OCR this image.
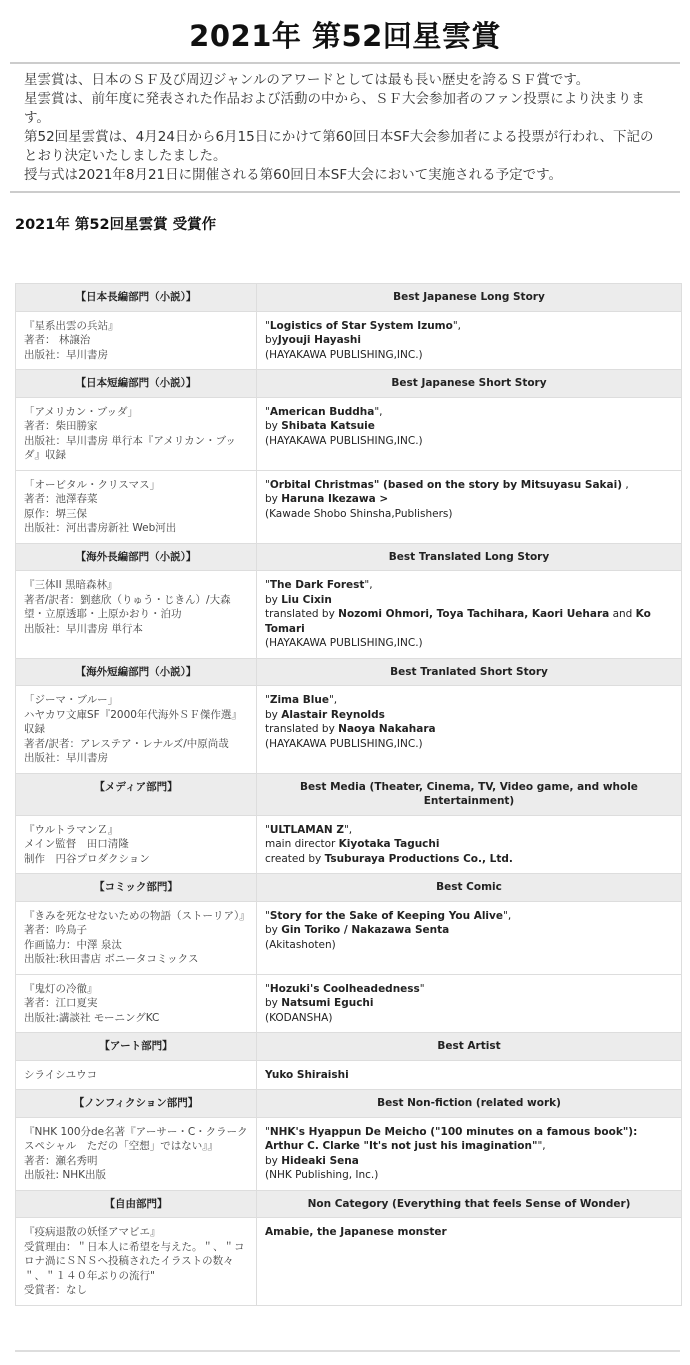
2021年 第52回星雲賞

星雲賞は、日本のＳＦ及び周辺ジャンルのアワードとしては最も長い歴史を誇るＳＦ賞です。

星雲賞は、前年度に発表された作品および活動の中から、ＳＦ大会参加者のファン投票により決まります。

第52回星雲賞は、4月24日から6月15日にかけて第60回日本SF大会参加者による投票が行われ、下記のとおり決定いたしましたました。

授与式は2021年8月21日に開催される第60回日本SF大会において実施される予定です。

2021年 第52回星雲賞 受賞作
【日本長編部門（小説）】	Best Japanese Long Story

『星系出雲の兵站』
著者： 林譲治
出版社：早川書房	"Logistics of Star System Izumo",
byJyouji Hayashi
(HAYAKAWA PUBLISHING,INC.)

【日本短編部門（小説）】	Best Japanese Short Story

「アメリカン・ブッダ」
著者：柴田勝家
出版社：早川書房 単行本『アメリカン・ブッダ』収録	"American Buddha",
by Shibata Katsuie
(HAYAKAWA PUBLISHING,INC.)

「オービタル・クリスマス」
著者：池澤春菜
原作：堺三保
出版社：河出書房新社 Web河出	"Orbital Christmas" (based on the story by Mitsuyasu Sakai) ,
by Haruna Ikezawa >
(Kawade Shobo Shinsha,Publishers)

【海外長編部門（小説）】	Best Translated Long Story

『三体II 黒暗森林』
著者/訳者：劉慈欣（りゅう・じきん）/大森望・立原透耶・上原かおり・泊功
出版社：早川書房 単行本	"The Dark Forest",
by Liu Cixin
translated by Nozomi Ohmori, Toya Tachihara, Kaori Uehara and Ko Tomari
(HAYAKAWA PUBLISHING,INC.)

【海外短編部門（小説）】	Best Tranlated Short Story

「ジーマ・ブルー」
ハヤカワ文庫SF『2000年代海外ＳＦ傑作選』収録
著者/訳者：アレステア・レナルズ/中原尚哉
出版社：早川書房	"Zima Blue",
by Alastair Reynolds
translated by Naoya Nakahara
(HAYAKAWA PUBLISHING,INC.)

【メディア部門】	Best Media (Theater, Cinema, TV, Video game, and whole Entertainment)

『ウルトラマンＺ』
メイン監督　田口清隆
制作　円谷プロダクション	"ULTLAMAN Z",
main director Kiyotaka Taguchi
created by Tsuburaya Productions Co., Ltd.

【コミック部門】	Best Comic

『きみを死なせないための物語（ストーリア）』
著者：吟鳥子
作画協力：中澤 泉汰
出版社:秋田書店 ボニータコミックス	"Story for the Sake of Keeping You Alive",
by Gin Toriko / Nakazawa Senta
(Akitashoten)

『鬼灯の冷徹』
著者：江口夏実
出版社:講談社 モーニングKC	"Hozuki's Coolheadedness"
by Natsumi Eguchi
(KODANSHA)

【アート部門】	Best Artist

シライシユウコ	Yuko Shiraishi

【ノンフィクション部門】	Best Non-fiction (related work)

『NHK 100分de名著『アーサー・C・クラークスペシャル　ただの「空想」ではない』』
著者：瀬名秀明
出版社: NHK出版	"NHK's Hyappun De Meicho ("100 minutes on a famous book"): Arthur C. Clarke "It's not just his imagination"",
by Hideaki Sena
(NHK Publishing, Inc.)

【自由部門】	Non Category (Everything that feels Sense of Wonder)

『疫病退散の妖怪アマビエ』
受賞理由：＂日本人に希望を与えた。＂、＂コロナ渦にＳＮＳへ投稿されたイラストの数々＂、＂１４０年ぶりの流行"
受賞者：なし	Amabie, the Japanese monster
